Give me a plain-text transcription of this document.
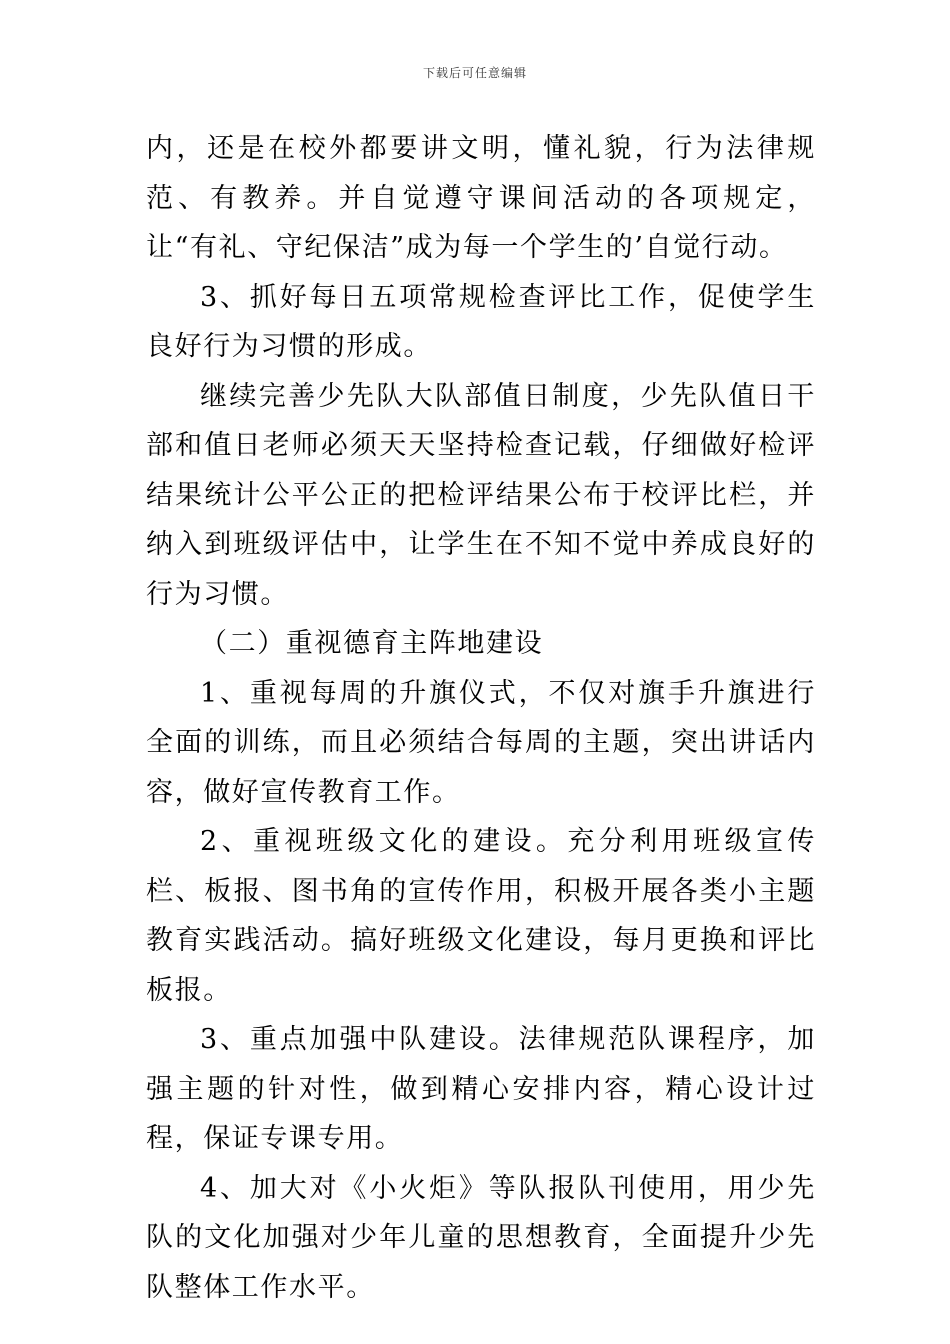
下载后可任意编辑

内，还是在校外都要讲文明，懂礼貌，行为法律规范、有教养。并自觉遵守课间活动的各项规定，让“有礼、守纪保洁”成为每一个学生的’自觉行动。

3、抓好每日五项常规检查评比工作，促使学生良好行为习惯的形成。

继续完善少先队大队部值日制度，少先队值日干部和值日老师必须天天坚持检查记载，仔细做好检评结果统计公平公正的把检评结果公布于校评比栏，并纳入到班级评估中，让学生在不知不觉中养成良好的行为习惯。

（二）重视德育主阵地建设

1、重视每周的升旗仪式，不仅对旗手升旗进行全面的训练，而且必须结合每周的主题，突出讲话内容，做好宣传教育工作。

2、重视班级文化的建设。充分利用班级宣传栏、板报、图书角的宣传作用，积极开展各类小主题教育实践活动。搞好班级文化建设，每月更换和评比板报。

3、重点加强中队建设。法律规范队课程序，加强主题的针对性，做到精心安排内容，精心设计过程，保证专课专用。

4、加大对《小火炬》等队报队刊使用，用少先队的文化加强对少年儿童的思想教育，全面提升少先队整体工作水平。
